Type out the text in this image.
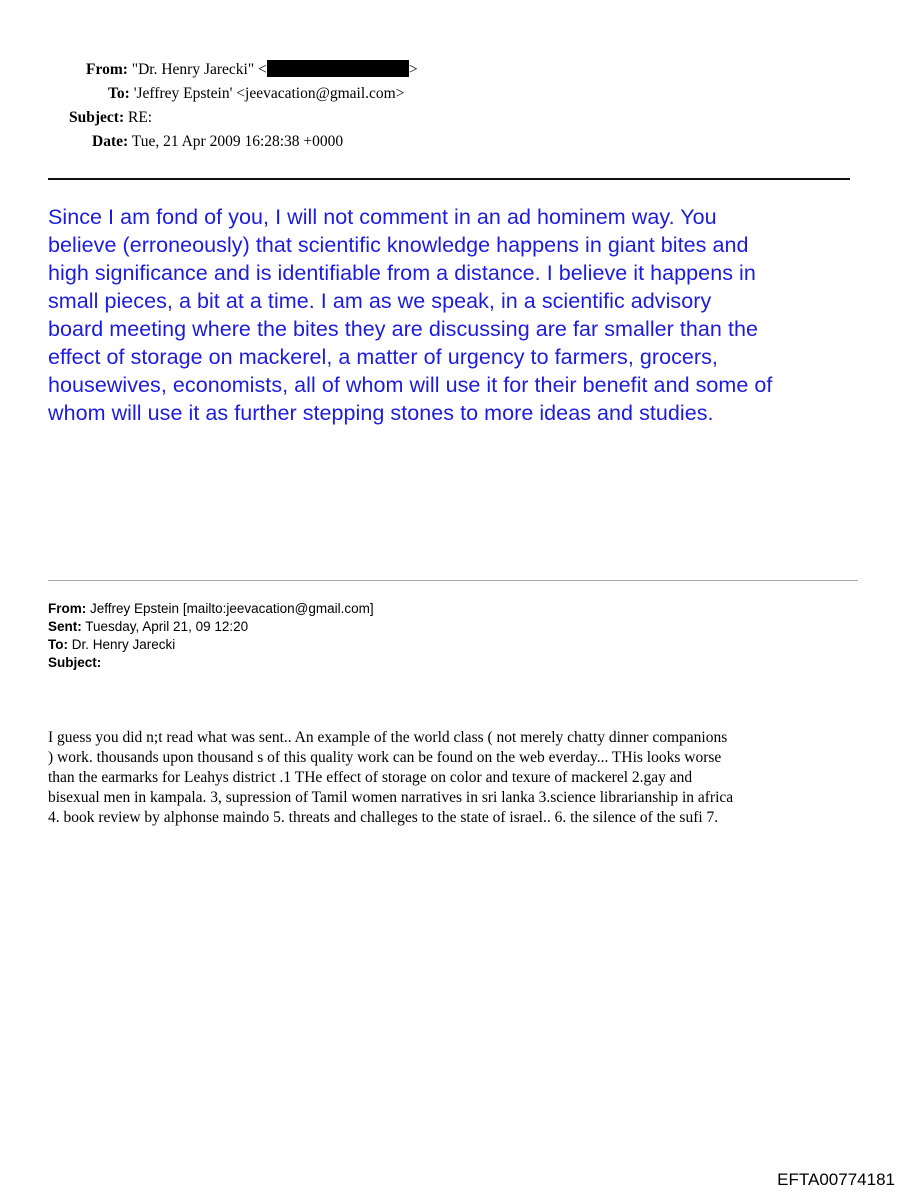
From: "Dr. Henry Jarecki" <	>
To: 'Jeffrey Epstein' <jeevacation@gmail.com>
Subject: RE:
Date: Tue, 21 Apr 2009 16:28:38 +0000
Since I am fond of you, I will not comment in an ad hominem way. You
believe (erroneously) that scientific knowledge happens in giant bites and
high significance and is identifiable from a distance. I believe it happens in
small pieces, a bit at a time. I am as we speak, in a scientific advisory
board meeting where the bites they are discussing are far smaller than the
effect of storage on mackerel, a matter of urgency to farmers, grocers,
housewives, economists, all of whom will use it for their benefit and some of
whom will use it as further stepping stones to more ideas and studies.
From: Jeffrey Epstein [mailto:jeevacation@gmail.com]
Sent: Tuesday, April 21, 09 12:20
To: Dr. Henry Jarecki
Subject:
I guess you did n;t read what was sent.. An example of the world class ( not merely chatty dinner companions
) work. thousands upon thousand s of this quality work can be found on the web everday... THis looks worse
than the earmarks for Leahys district .1 THe effect of storage on color and texure of mackerel 2.gay and
bisexual men in kampala. 3, supression of Tamil women narratives in sri lanka 3.science librarianship in africa
4. book review by alphonse maindo 5. threats and challeges to the state of israel.. 6. the silence of the sufi 7.
EFTA00774181
